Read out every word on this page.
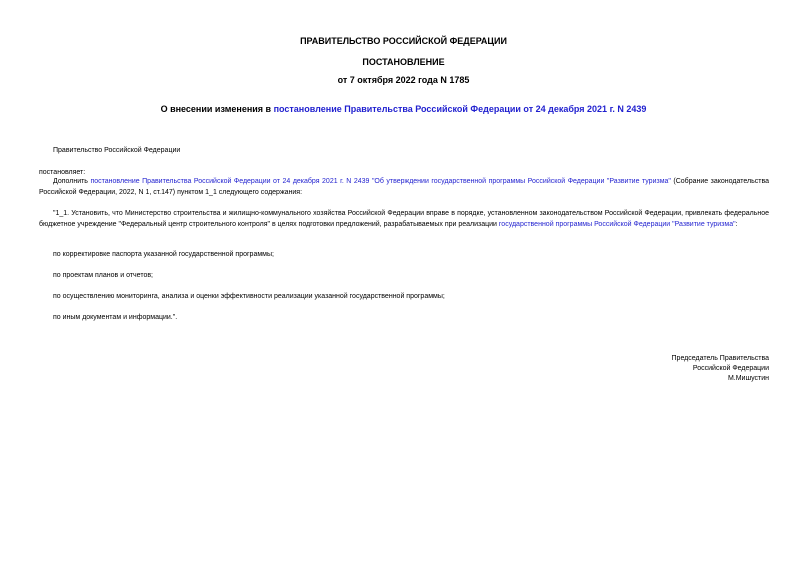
ПРАВИТЕЛЬСТВО РОССИЙСКОЙ ФЕДЕРАЦИИ
ПОСТАНОВЛЕНИЕ
от 7 октября 2022 года N 1785
О внесении изменения в постановление Правительства Российской Федерации от 24 декабря 2021 г. N 2439
Правительство Российской Федерации
постановляет:
Дополнить постановление Правительства Российской Федерации от 24 декабря 2021 г. N 2439 "Об утверждении государственной программы Российской Федерации "Развитие туризма" (Собрание законодательства Российской Федерации, 2022, N 1, ст.147) пунктом 1_1 следующего содержания:
"1_1. Установить, что Министерство строительства и жилищно-коммунального хозяйства Российской Федерации вправе в порядке, установленном законодательством Российской Федерации, привлекать федеральное бюджетное учреждение "Федеральный центр строительного контроля" в целях подготовки предложений, разрабатываемых при реализации государственной программы Российской Федерации "Развитие туризма":
по корректировке паспорта указанной государственной программы;
по проектам планов и отчетов;
по осуществлению мониторинга, анализа и оценки эффективности реализации указанной государственной программы;
по иным документам и информации.".
Председатель Правительства
Российской Федерации
М.Мишустин
